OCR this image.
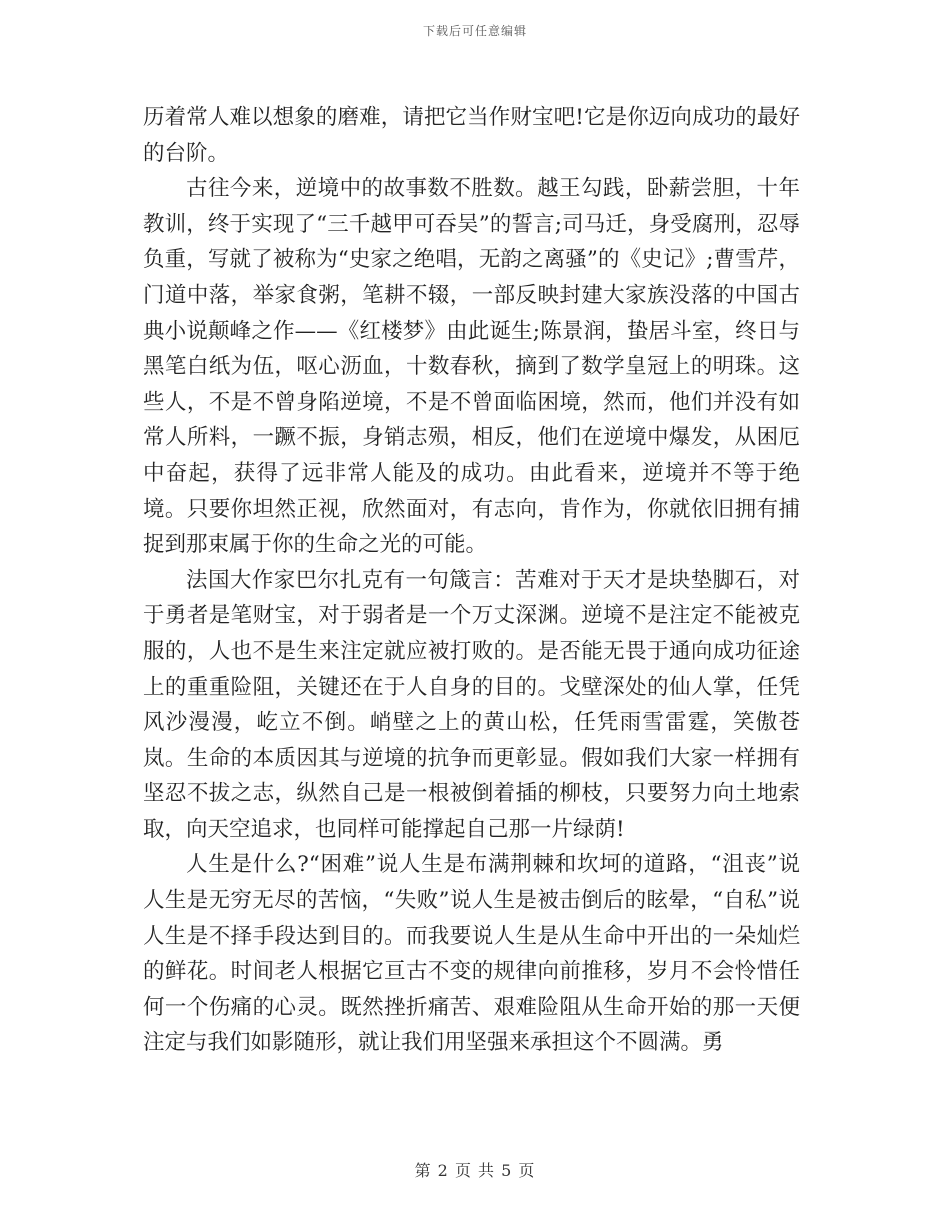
下载后可任意编辑

历着常人难以想象的磨难，请把它当作财宝吧!它是你迈向成功的最好的台阶。

古往今来，逆境中的故事数不胜数。越王勾践，卧薪尝胆，十年教训，终于实现了“三千越甲可吞吴”的誓言;司马迁，身受腐刑，忍辱负重，写就了被称为“史家之绝唱，无韵之离骚”的《史记》;曹雪芹，门道中落，举家食粥，笔耕不辍，一部反映封建大家族没落的中国古典小说颠峰之作——《红楼梦》由此诞生;陈景润，蛰居斗室，终日与黑笔白纸为伍，呕心沥血，十数春秋，摘到了数学皇冠上的明珠。这些人，不是不曾身陷逆境，不是不曾面临困境，然而，他们并没有如常人所料，一蹶不振，身销志殒，相反，他们在逆境中爆发，从困厄中奋起，获得了远非常人能及的成功。由此看来，逆境并不等于绝境。只要你坦然正视，欣然面对，有志向，肯作为，你就依旧拥有捕捉到那束属于你的生命之光的可能。

法国大作家巴尔扎克有一句箴言：苦难对于天才是块垫脚石，对于勇者是笔财宝，对于弱者是一个万丈深渊。逆境不是注定不能被克服的，人也不是生来注定就应被打败的。是否能无畏于通向成功征途上的重重险阻，关键还在于人自身的目的。戈壁深处的仙人掌，任凭风沙漫漫，屹立不倒。峭壁之上的黄山松，任凭雨雪雷霆，笑傲苍岚。生命的本质因其与逆境的抗争而更彰显。假如我们大家一样拥有坚忍不拔之志，纵然自己是一根被倒着插的柳枝，只要努力向土地索取，向天空追求，也同样可能撑起自己那一片绿荫!

人生是什么?“困难”说人生是布满荆棘和坎坷的道路，“沮丧”说人生是无穷无尽的苦恼，“失败”说人生是被击倒后的眩晕，“自私”说人生是不择手段达到目的。而我要说人生是从生命中开出的一朵灿烂的鲜花。时间老人根据它亘古不变的规律向前推移，岁月不会怜惜任何一个伤痛的心灵。既然挫折痛苦、艰难险阻从生命开始的那一天便注定与我们如影随形，就让我们用坚强来承担这个不圆满。勇

第 2 页 共 5 页
